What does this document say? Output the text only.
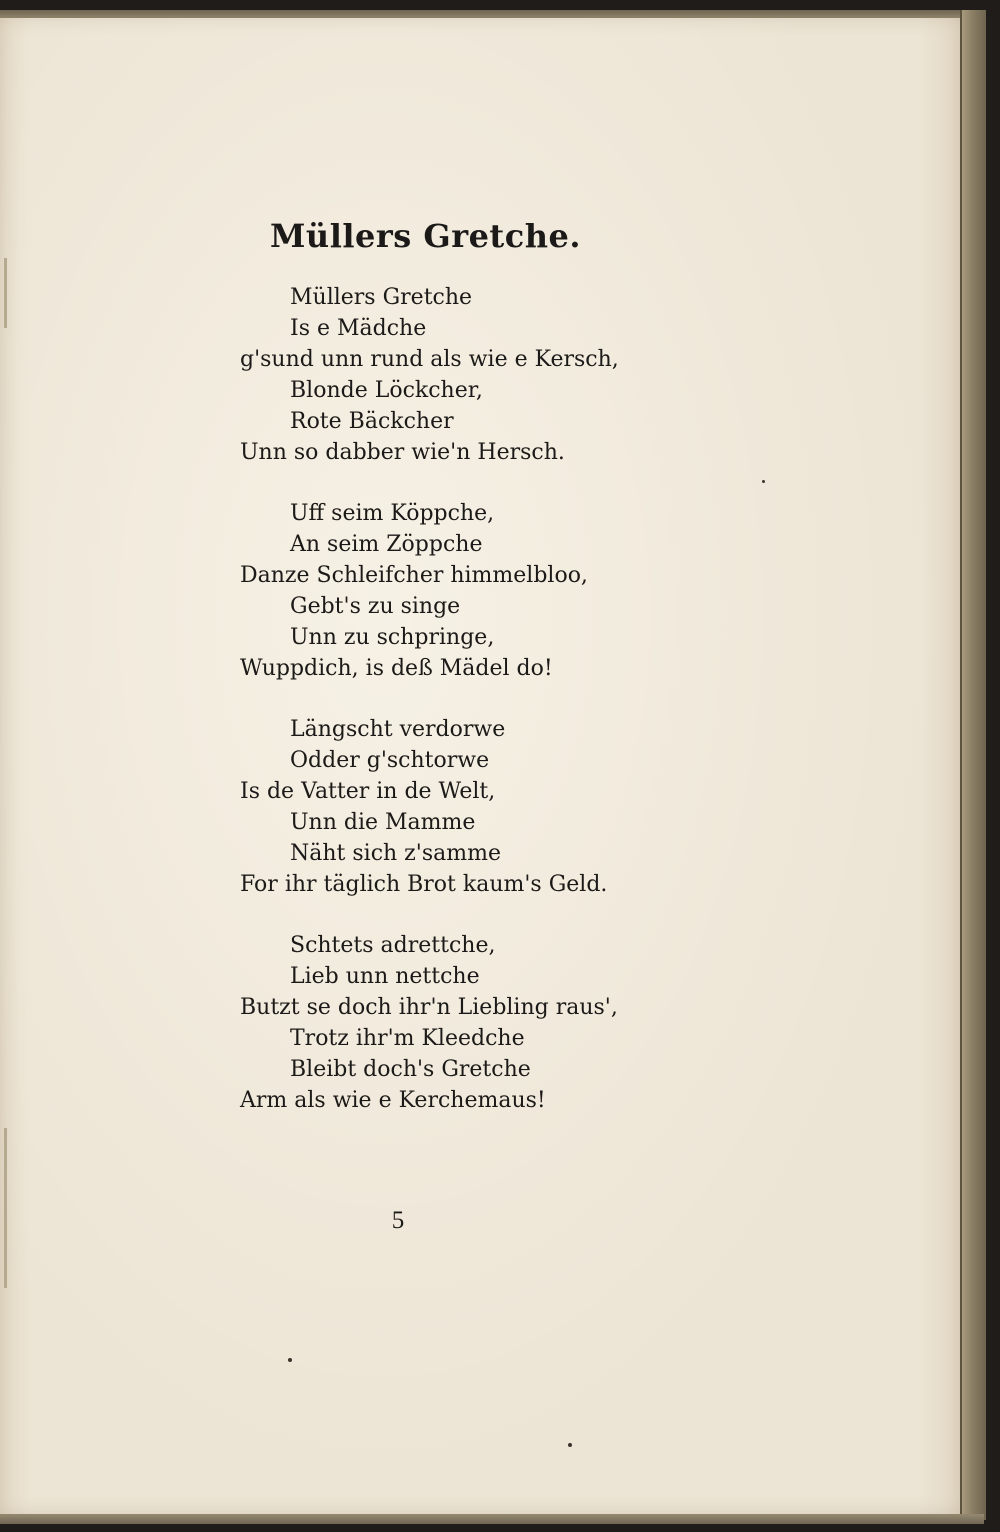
Müllers Gretche.
Müllers Gretche
Is e Mädche
g'sund unn rund als wie e Kersch,
Blonde Löckcher,
Rote Bäckcher
Unn so dabber wie'n Hersch.
Uff seim Köppche,
An seim Zöppche
Danze Schleifcher himmelbloo,
Gebt's zu singe
Unn zu schpringe,
Wuppdich, is deß Mädel do!
Längscht verdorwe
Odder g'schtorwe
Is de Vatter in de Welt,
Unn die Mamme
Näht sich z'samme
For ihr täglich Brot kaum's Geld.
Schtets adrettche,
Lieb unn nettche
Butzt se doch ihr'n Liebling raus',
Trotz ihr'm Kleedche
Bleibt doch's Gretche
Arm als wie e Kerchemaus!
5
